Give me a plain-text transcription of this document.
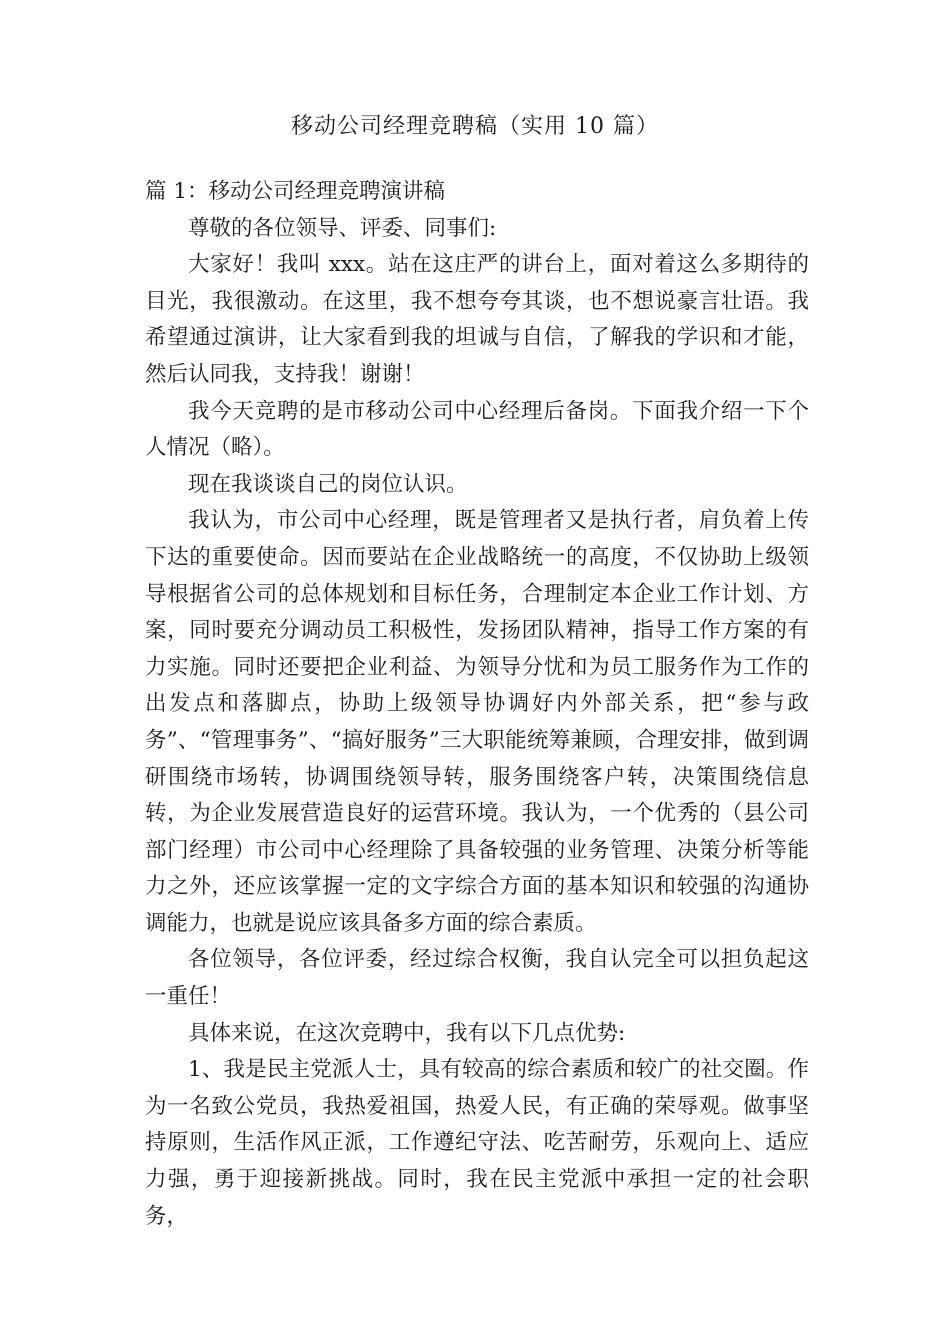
移动公司经理竞聘稿（实用 10 篇）

篇 1：移动公司经理竞聘演讲稿

尊敬的各位领导、评委、同事们:

大家好！我叫 xxx。站在这庄严的讲台上，面对着这么多期待的目光，我很激动。在这里，我不想夸夸其谈，也不想说豪言壮语。我希望通过演讲，让大家看到我的坦诚与自信，了解我的学识和才能，然后认同我，支持我！谢谢！

我今天竞聘的是市移动公司中心经理后备岗。下面我介绍一下个人情况（略）。

现在我谈谈自己的岗位认识。

我认为，市公司中心经理，既是管理者又是执行者，肩负着上传下达的重要使命。因而要站在企业战略统一的高度，不仅协助上级领导根据省公司的总体规划和目标任务，合理制定本企业工作计划、方案，同时要充分调动员工积极性，发扬团队精神，指导工作方案的有力实施。同时还要把企业利益、为领导分忧和为员工服务作为工作的出发点和落脚点，协助上级领导协调好内外部关系，把“参与政务”、“管理事务”、“搞好服务”三大职能统筹兼顾，合理安排，做到调研围绕市场转，协调围绕领导转，服务围绕客户转，决策围绕信息转，为企业发展营造良好的运营环境。我认为，一个优秀的（县公司部门经理）市公司中心经理除了具备较强的业务管理、决策分析等能力之外，还应该掌握一定的文字综合方面的基本知识和较强的沟通协调能力，也就是说应该具备多方面的综合素质。

各位领导，各位评委，经过综合权衡，我自认完全可以担负起这一重任！

具体来说，在这次竞聘中，我有以下几点优势:

1、我是民主党派人士，具有较高的综合素质和较广的社交圈。作为一名致公党员，我热爱祖国，热爱人民，有正确的荣辱观。做事坚持原则，生活作风正派，工作遵纪守法、吃苦耐劳，乐观向上、适应力强，勇于迎接新挑战。同时，我在民主党派中承担一定的社会职务，
